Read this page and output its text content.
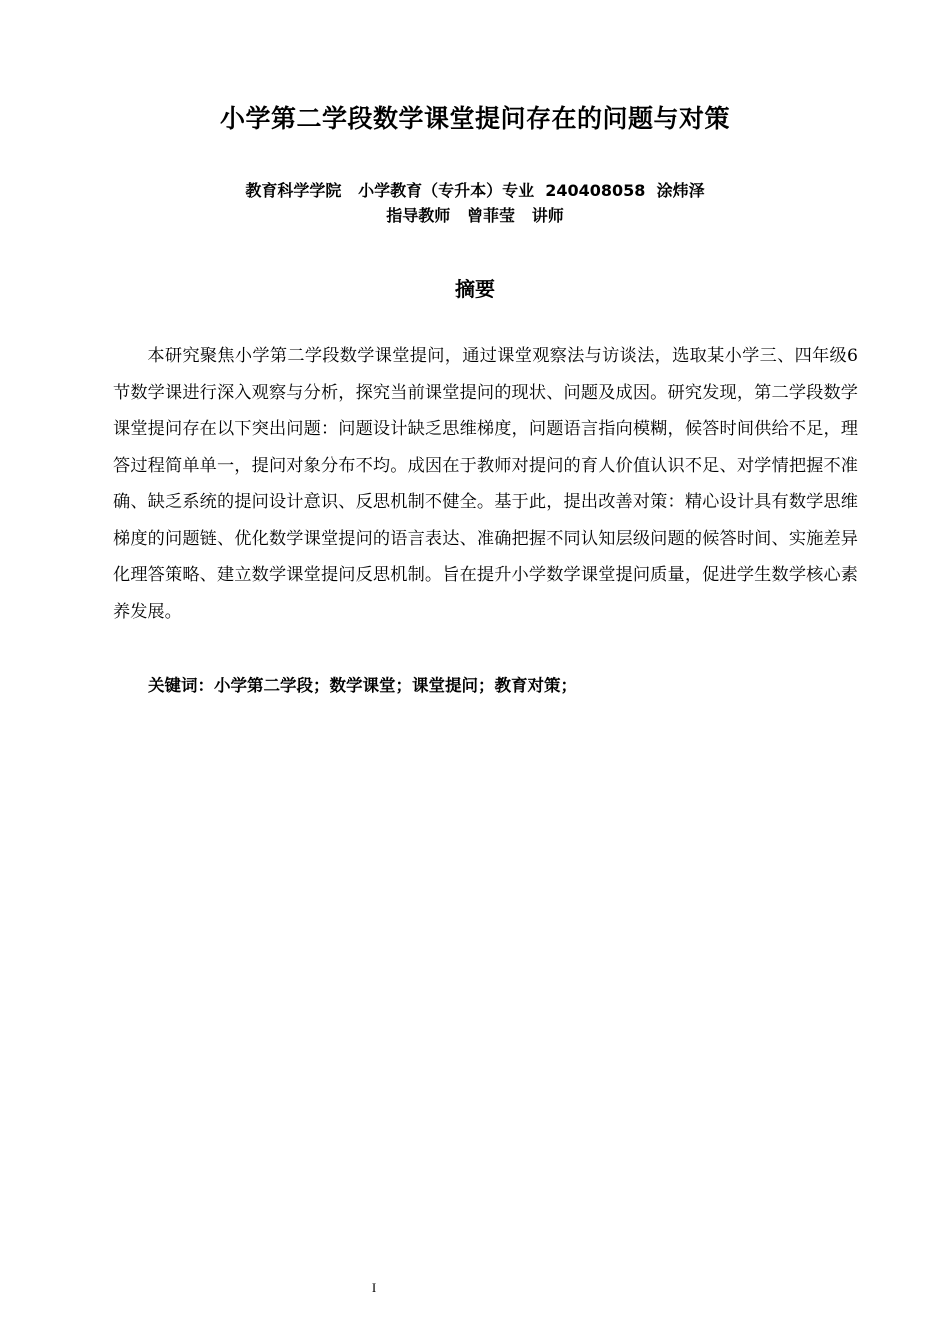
小学第二学段数学课堂提问存在的问题与对策
教育科学学院   小学教育（专升本）专业  240408058  涂炜泽
指导教师   曾菲莹   讲师
摘要

本研究聚焦小学第二学段数学课堂提问，通过课堂观察法与访谈法，选取某小学三、四年级6节数学课进行深入观察与分析，探究当前课堂提问的现状、问题及成因。研究发现，第二学段数学课堂提问存在以下突出问题：问题设计缺乏思维梯度，问题语言指向模糊，候答时间供给不足，理答过程简单单一，提问对象分布不均。成因在于教师对提问的育人价值认识不足、对学情把握不准确、缺乏系统的提问设计意识、反思机制不健全。基于此，提出改善对策：精心设计具有数学思维梯度的问题链、优化数学课堂提问的语言表达、准确把握不同认知层级问题的候答时间、实施差异化理答策略、建立数学课堂提问反思机制。旨在提升小学数学课堂提问质量，促进学生数学核心素养发展。

关键词：小学第二学段；数学课堂；课堂提问；教育对策；
I
